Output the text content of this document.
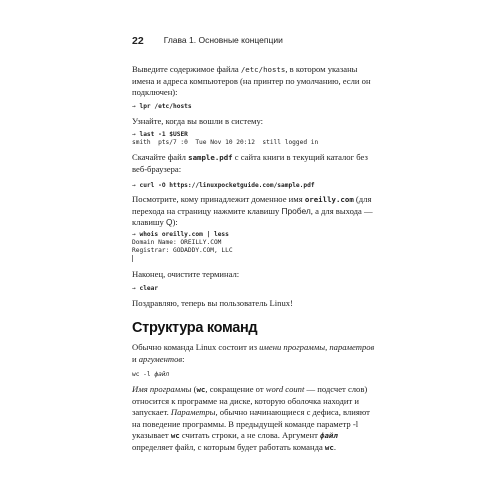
22 Глава 1. Основные концепции
Выведите содержимое файла /etc/hosts, в котором указаны имена и адреса компьютеров (на принтер по умолчанию, если он подключен):
→ lpr /etc/hosts
Узнайте, когда вы вошли в систему:
→ last -1 $USER
smith  pts/7 :0  Tue Nov 10 20:12  still logged in
Скачайте файл sample.pdf с сайта книги в текущий каталог без веб-браузера:
→ curl -O https://linuxpocketguide.com/sample.pdf
Посмотрите, кому принадлежит доменное имя oreilly.com (для перехода на страницу нажмите клавишу Пробел, а для выхода — клавишу Q):
→ whois oreilly.com | less
Domain Name: OREILLY.COM
Registrar: GODADDY.COM, LLC
Наконец, очистите терминал:
→ clear
Поздравляю, теперь вы пользователь Linux!
Структура команд
Обычно команда Linux состоит из имени программы, параметров и аргументов:
wc -l файл
Имя программы (wc, сокращение от word count — подсчет слов) относится к программе на диске, которую оболочка находит и запускает. Параметры, обычно начинающиеся с дефиса, влияют на поведение программы. В предыдущей команде параметр -l указывает wc считать строки, а не слова. Аргумент файл определяет файл, с которым будет работать команда wc.
